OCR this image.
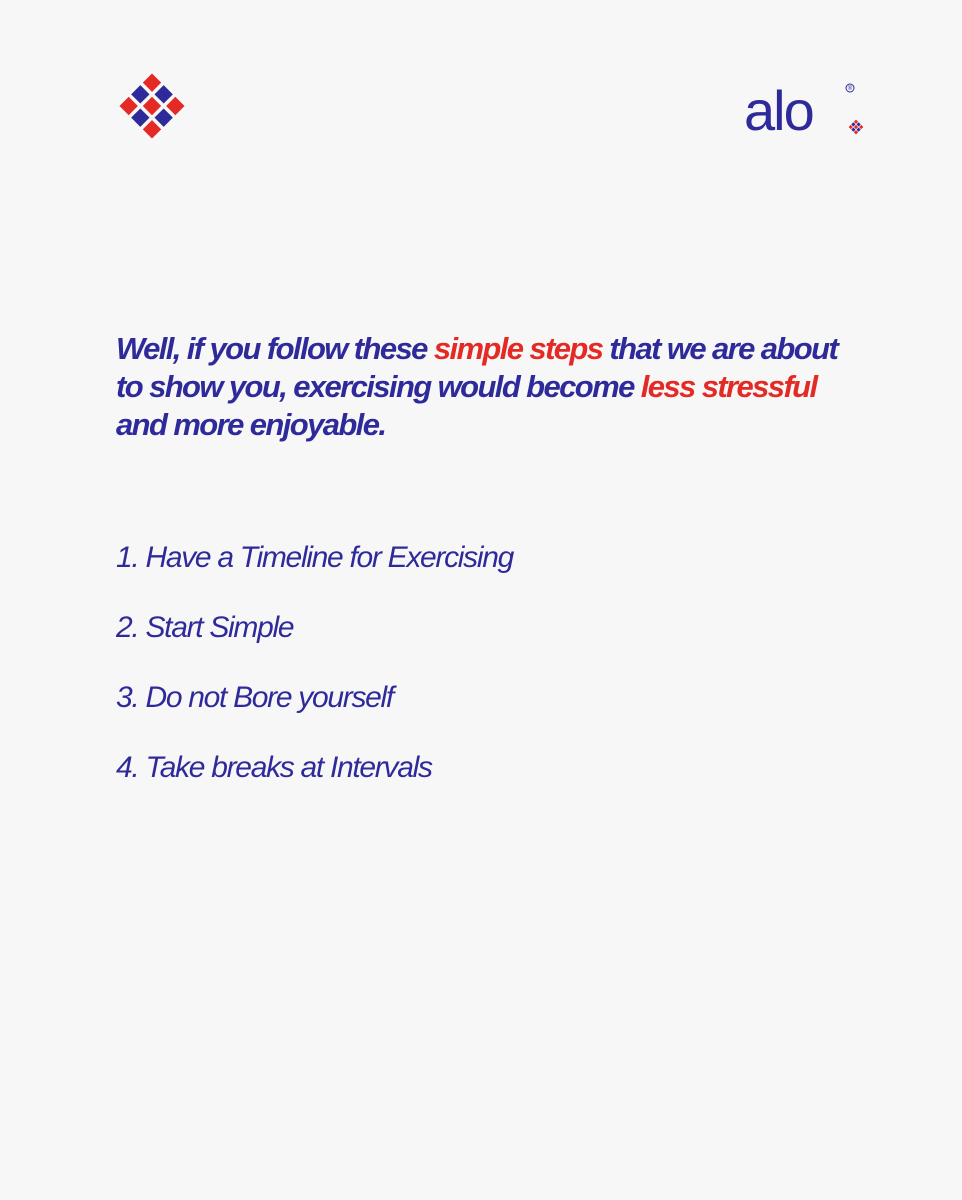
alo	®

Well, if you follow these simple steps that we are about to show you, exercising would become less stressful and more enjoyable.

1. Have a Timeline for Exercising
2. Start Simple
3. Do not Bore yourself
4. Take breaks at Intervals
